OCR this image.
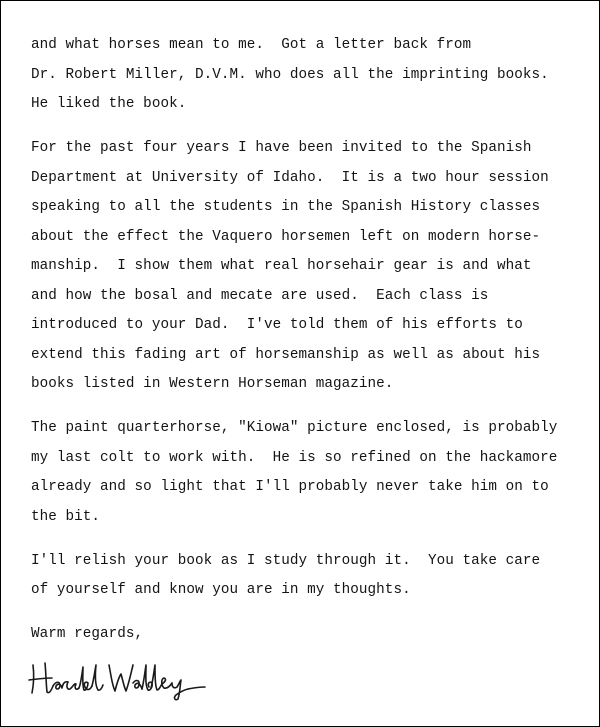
and what horses mean to me.  Got a letter back from
Dr. Robert Miller, D.V.M. who does all the imprinting books.
He liked the book.
For the past four years I have been invited to the Spanish
Department at University of Idaho.  It is a two hour session
speaking to all the students in the Spanish History classes
about the effect the Vaquero horsemen left on modern horse-
manship.  I show them what real horsehair gear is and what
and how the bosal and mecate are used.  Each class is
introduced to your Dad.  I've told them of his efforts to
extend this fading art of horsemanship as well as about his
books listed in Western Horseman magazine.
The paint quarterhorse, "Kiowa" picture enclosed, is probably
my last colt to work with.  He is so refined on the hackamore
already and so light that I'll probably never take him on to
the bit.
I'll relish your book as I study through it.  You take care
of yourself and know you are in my thoughts.
Warm regards,
